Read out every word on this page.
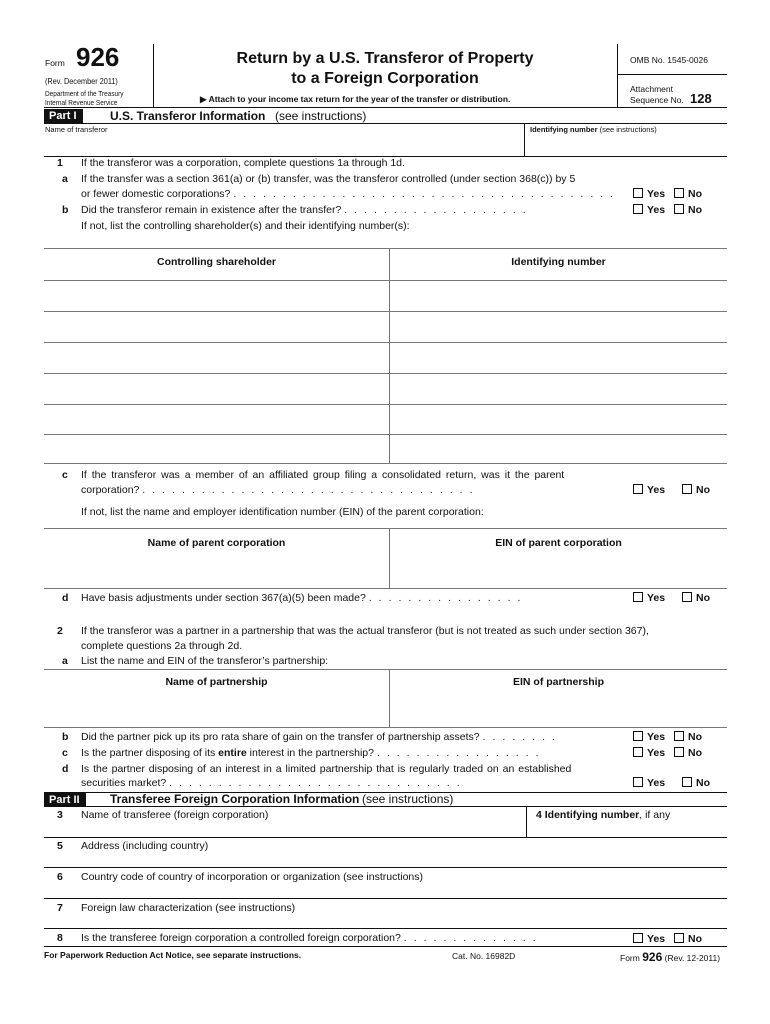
Form 926
(Rev. December 2011)
Department of the Treasury
Internal Revenue Service
Return by a U.S. Transferor of Property
to a Foreign Corporation
▶ Attach to your income tax return for the year of the transfer or distribution.
OMB No. 1545-0026
Attachment
Sequence No. 128
Part I	U.S. Transferor Information (see instructions)
Name of transferor	Identifying number (see instructions)
1 If the transferor was a corporation, complete questions 1a through 1d.
a If the transfer was a section 361(a) or (b) transfer, was the transferor controlled (under section 368(c)) by 5
or fewer domestic corporations? .......................................	Yes No
b Did the transferor remain in existence after the transfer? ...................	Yes No
If not, list the controlling shareholder(s) and their identifying number(s):
Controlling shareholder	Identifying number
c If the transferor was a member of an affiliated group filing a consolidated return, was it the parent
corporation? ..................................	Yes	No
If not, list the name and employer identification number (EIN) of the parent corporation:
Name of parent corporation	EIN of parent corporation
d Have basis adjustments under section 367(a)(5) been made? ................	Yes	No
2 If the transferor was a partner in a partnership that was the actual transferor (but is not treated as such under section 367),
complete questions 2a through 2d.
a List the name and EIN of the transferor’s partnership:
Name of partnership	EIN of partnership
b Did the partner pick up its pro rata share of gain on the transfer of partnership assets? ........	Yes No
c Is the partner disposing of its entire interest in the partnership? .................	Yes No
d Is the partner disposing of an interest in a limited partnership that is regularly traded on an established
securities market? ..............................	Yes	No
Part II	Transferee Foreign Corporation Information (see instructions)
3 Name of transferee (foreign corporation)	4 Identifying number, if any
5 Address (including country)
6 Country code of country of incorporation or organization (see instructions)
7 Foreign law characterization (see instructions)
8 Is the transferee foreign corporation a controlled foreign corporation? ..............	Yes No
For Paperwork Reduction Act Notice, see separate instructions.	Cat. No. 16982D	Form 926 (Rev. 12-2011)
